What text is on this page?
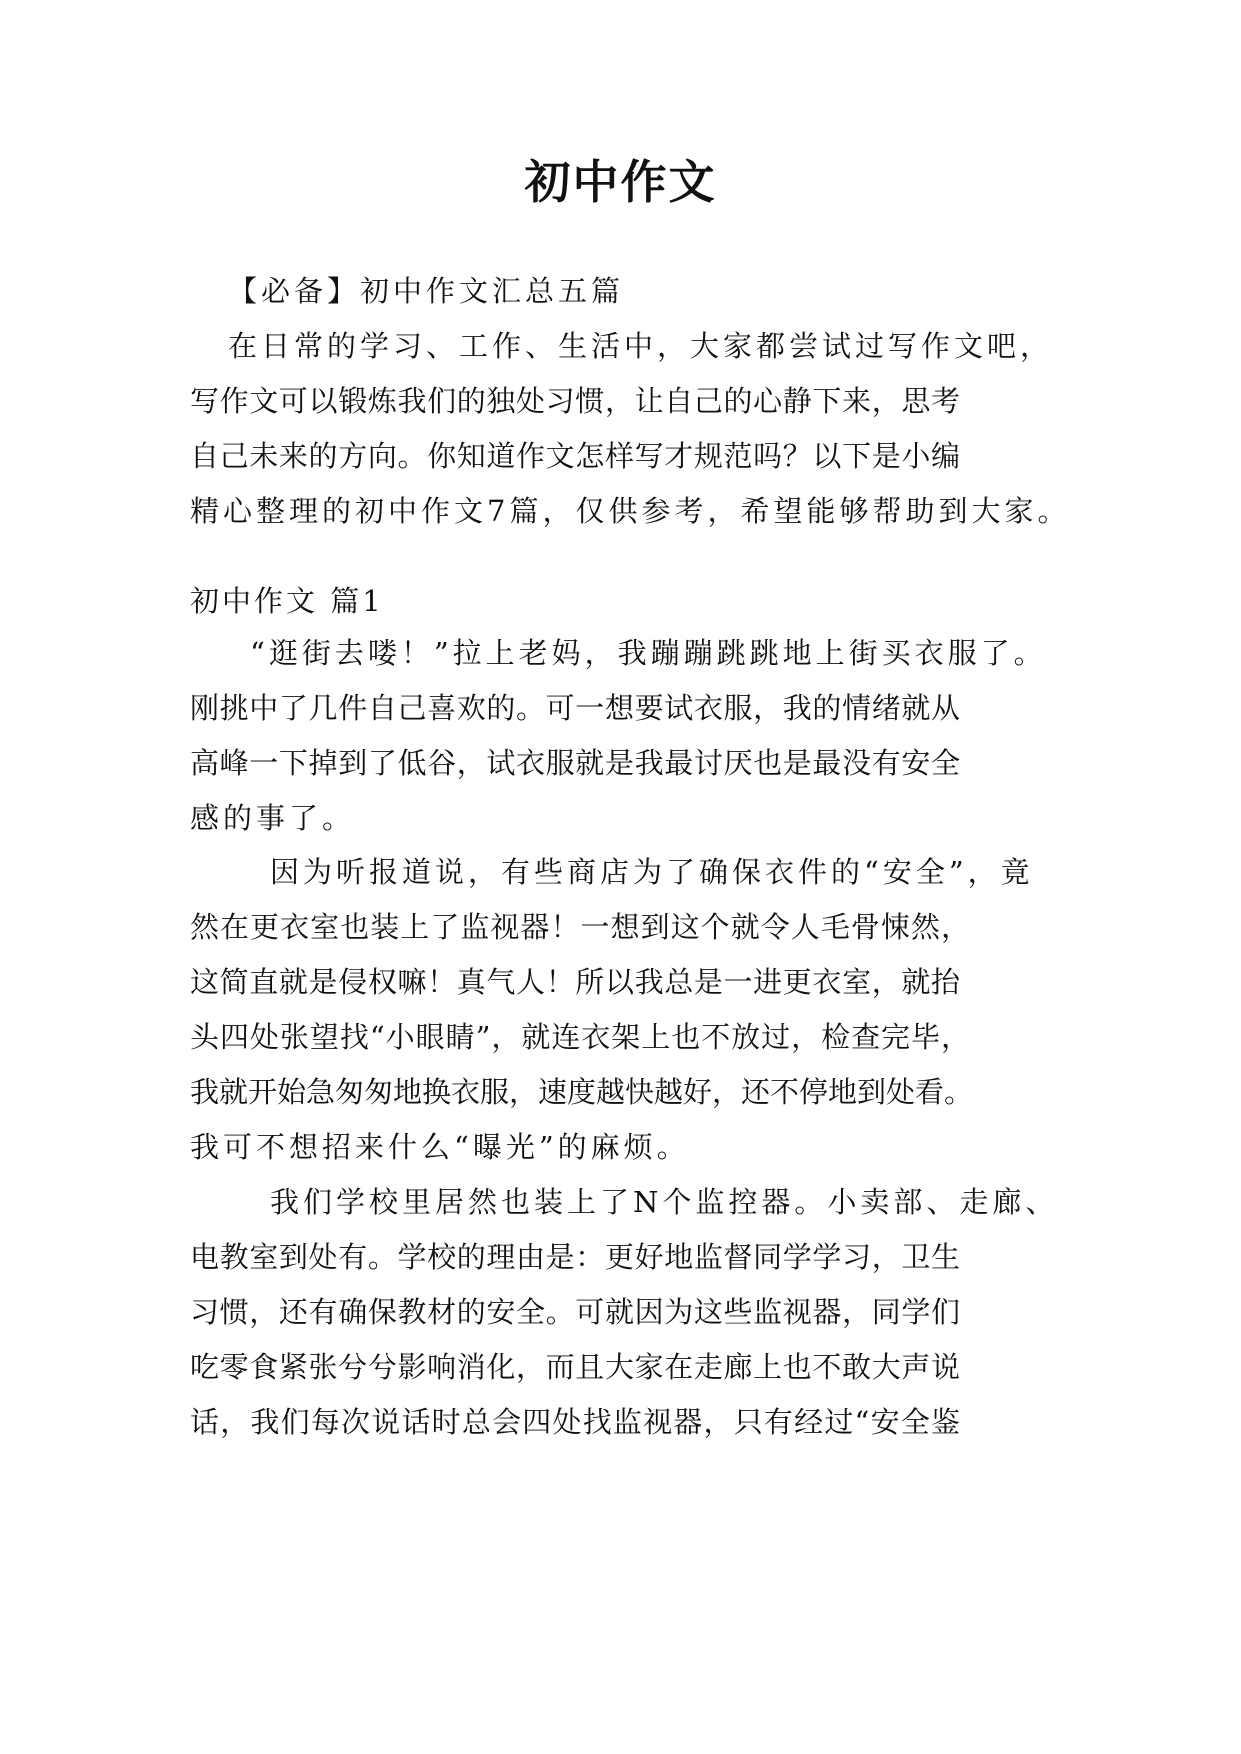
初中作文
【必备】初中作文汇总五篇
在日常的学习、工作、生活中，大家都尝试过写作文吧，
写作文可以锻炼我们的独处习惯，让自己的心静下来，思考
自己未来的方向。你知道作文怎样写才规范吗？以下是小编
精心整理的初中作文7篇，仅供参考，希望能够帮助到大家。
初中作文 篇1
“逛街去喽！”拉上老妈，我蹦蹦跳跳地上街买衣服了。
刚挑中了几件自己喜欢的。可一想要试衣服，我的情绪就从
高峰一下掉到了低谷，试衣服就是我最讨厌也是最没有安全
感的事了。
因为听报道说，有些商店为了确保衣件的“安全”，竟
然在更衣室也装上了监视器！一想到这个就令人毛骨悚然，
这简直就是侵权嘛！真气人！所以我总是一进更衣室，就抬
头四处张望找“小眼睛”，就连衣架上也不放过，检查完毕，
我就开始急匆匆地换衣服，速度越快越好，还不停地到处看。
我可不想招来什么“曝光”的麻烦。
我们学校里居然也装上了N个监控器。小卖部、走廊、
电教室到处有。学校的理由是：更好地监督同学学习，卫生
习惯，还有确保教材的安全。可就因为这些监视器，同学们
吃零食紧张兮兮影响消化，而且大家在走廊上也不敢大声说
话，我们每次说话时总会四处找监视器，只有经过“安全鉴
